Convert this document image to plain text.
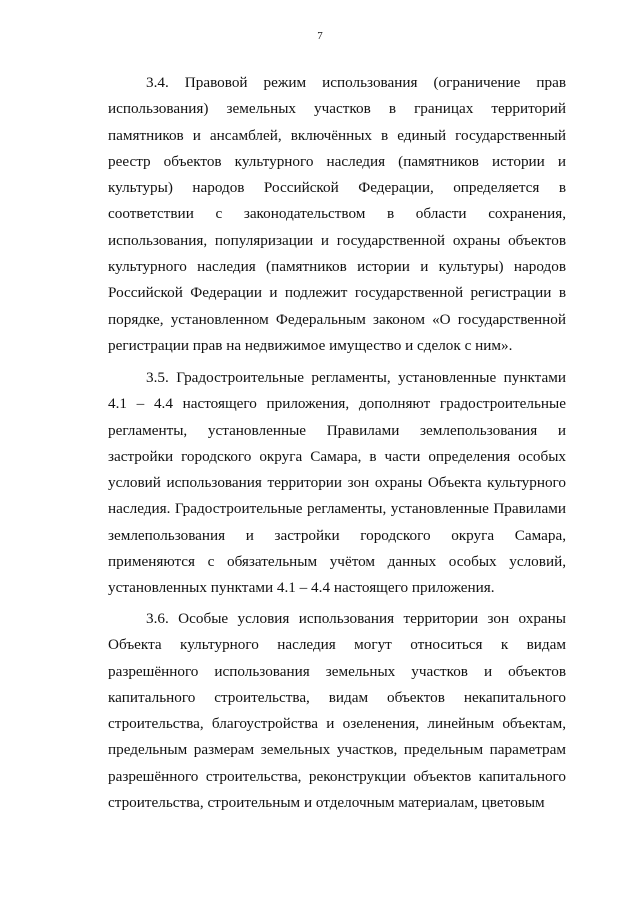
7

3.4. Правовой режим использования (ограничение прав использования) земельных участков в границах территорий памятников и ансамблей, включённых в единый государственный реестр объектов культурного наследия (памятников истории и культуры) народов Российской Федерации, определяется в соответствии с законодательством в области сохранения, использования, популяризации и государственной охраны объектов культурного наследия (памятников истории и культуры) народов Российской Федерации и подлежит государственной регистрации в порядке, установленном Федеральным законом «О государственной регистрации прав на недвижимое имущество и сделок с ним».

3.5. Градостроительные регламенты, установленные пунктами 4.1 – 4.4 настоящего приложения, дополняют градостроительные регламенты, установленные Правилами землепользования и застройки городского округа Самара, в части определения особых условий использования территории зон охраны Объекта культурного наследия. Градостроительные регламенты, установленные Правилами землепользования и застройки городского округа Самара, применяются с обязательным учётом данных особых условий, установленных пунктами 4.1 – 4.4 настоящего приложения.

3.6. Особые условия использования территории зон охраны Объекта культурного наследия могут относиться к видам разрешённого использования земельных участков и объектов капитального строительства, видам объектов некапитального строительства, благоустройства и озеленения, линейным объектам, предельным размерам земельных участков, предельным параметрам разрешённого строительства, реконструкции объектов капитального строительства, строительным и отделочным материалам, цветовым
